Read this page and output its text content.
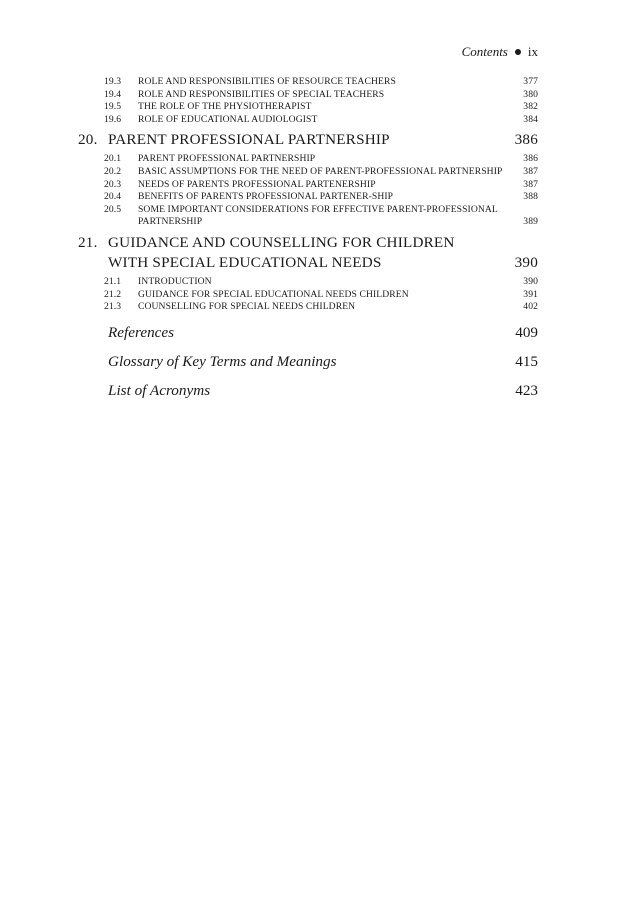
Contents ix
19.3	ROLE AND RESPONSIBILITIES OF RESOURCE TEACHERS	377
19.4	ROLE AND RESPONSIBILITIES OF SPECIAL TEACHERS	380
19.5	THE ROLE OF THE PHYSIOTHERAPIST	382
19.6	ROLE OF EDUCATIONAL AUDIOLOGIST	384
20. PARENT PROFESSIONAL PARTNERSHIP	386
20.1	PARENT PROFESSIONAL PARTNERSHIP	386
20.2	BASIC ASSUMPTIONS FOR THE NEED OF PARENT-PROFESSIONAL PARTNERSHIP	387
20.3	NEEDS OF PARENTS PROFESSIONAL PARTENERSHIP	387
20.4	BENEFITS OF PARENTS PROFESSIONAL PARTENER-SHIP	388
20.5	SOME IMPORTANT CONSIDERATIONS FOR EFFECTIVE PARENT-PROFESSIONAL PARTNERSHIP	389
21. GUIDANCE AND COUNSELLING FOR CHILDREN WITH SPECIAL EDUCATIONAL NEEDS	390
21.1	INTRODUCTION	390
21.2	GUIDANCE FOR SPECIAL EDUCATIONAL NEEDS CHILDREN	391
21.3	COUNSELLING FOR SPECIAL NEEDS CHILDREN	402
References	409
Glossary of Key Terms and Meanings	415
List of Acronyms	423
